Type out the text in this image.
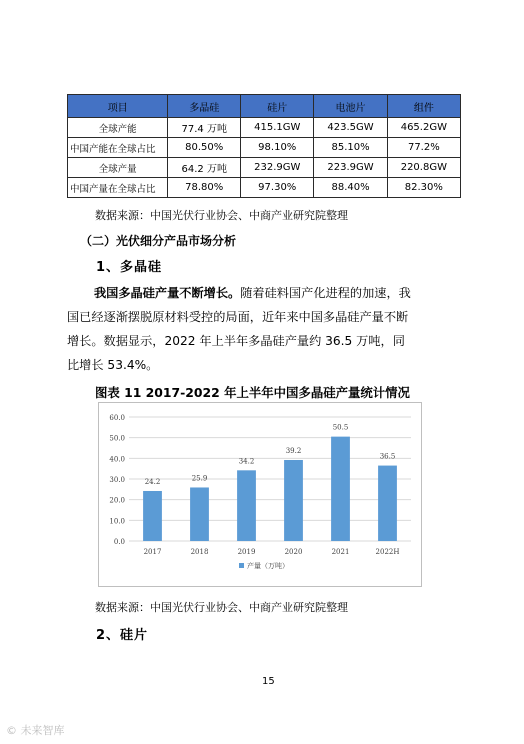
项目	多晶硅	硅片	电池片	组件
全球产能	77.4 万吨	415.1GW	423.5GW	465.2GW
中国产能在全球占比	80.50%	98.10%	85.10%	77.2%
全球产量	64.2 万吨	232.9GW	223.9GW	220.8GW
中国产量在全球占比	78.80%	97.30%	88.40%	82.30%
数据来源：中国光伏行业协会、中商产业研究院整理
（二）光伏细分产品市场分析
1、多晶硅
我国多晶硅产量不断增长。随着硅料国产化进程的加速，我
国已经逐渐摆脱原材料受控的局面，近年来中国多晶硅产量不断
增长。数据显示，2022 年上半年多晶硅产量约 36.5 万吨，同
比增长 53.4%。
图表 11 2017-2022 年上半年中国多晶硅产量统计情况
0.0
10.0
20.0
30.0
40.0
50.0
60.0
24.2
2017
25.9
2018
34.2
2019
39.2
2020
50.5
2021
36.5
2022H
产量（万吨）
数据来源：中国光伏行业协会、中商产业研究院整理
2、硅片
15
© 未来智库
